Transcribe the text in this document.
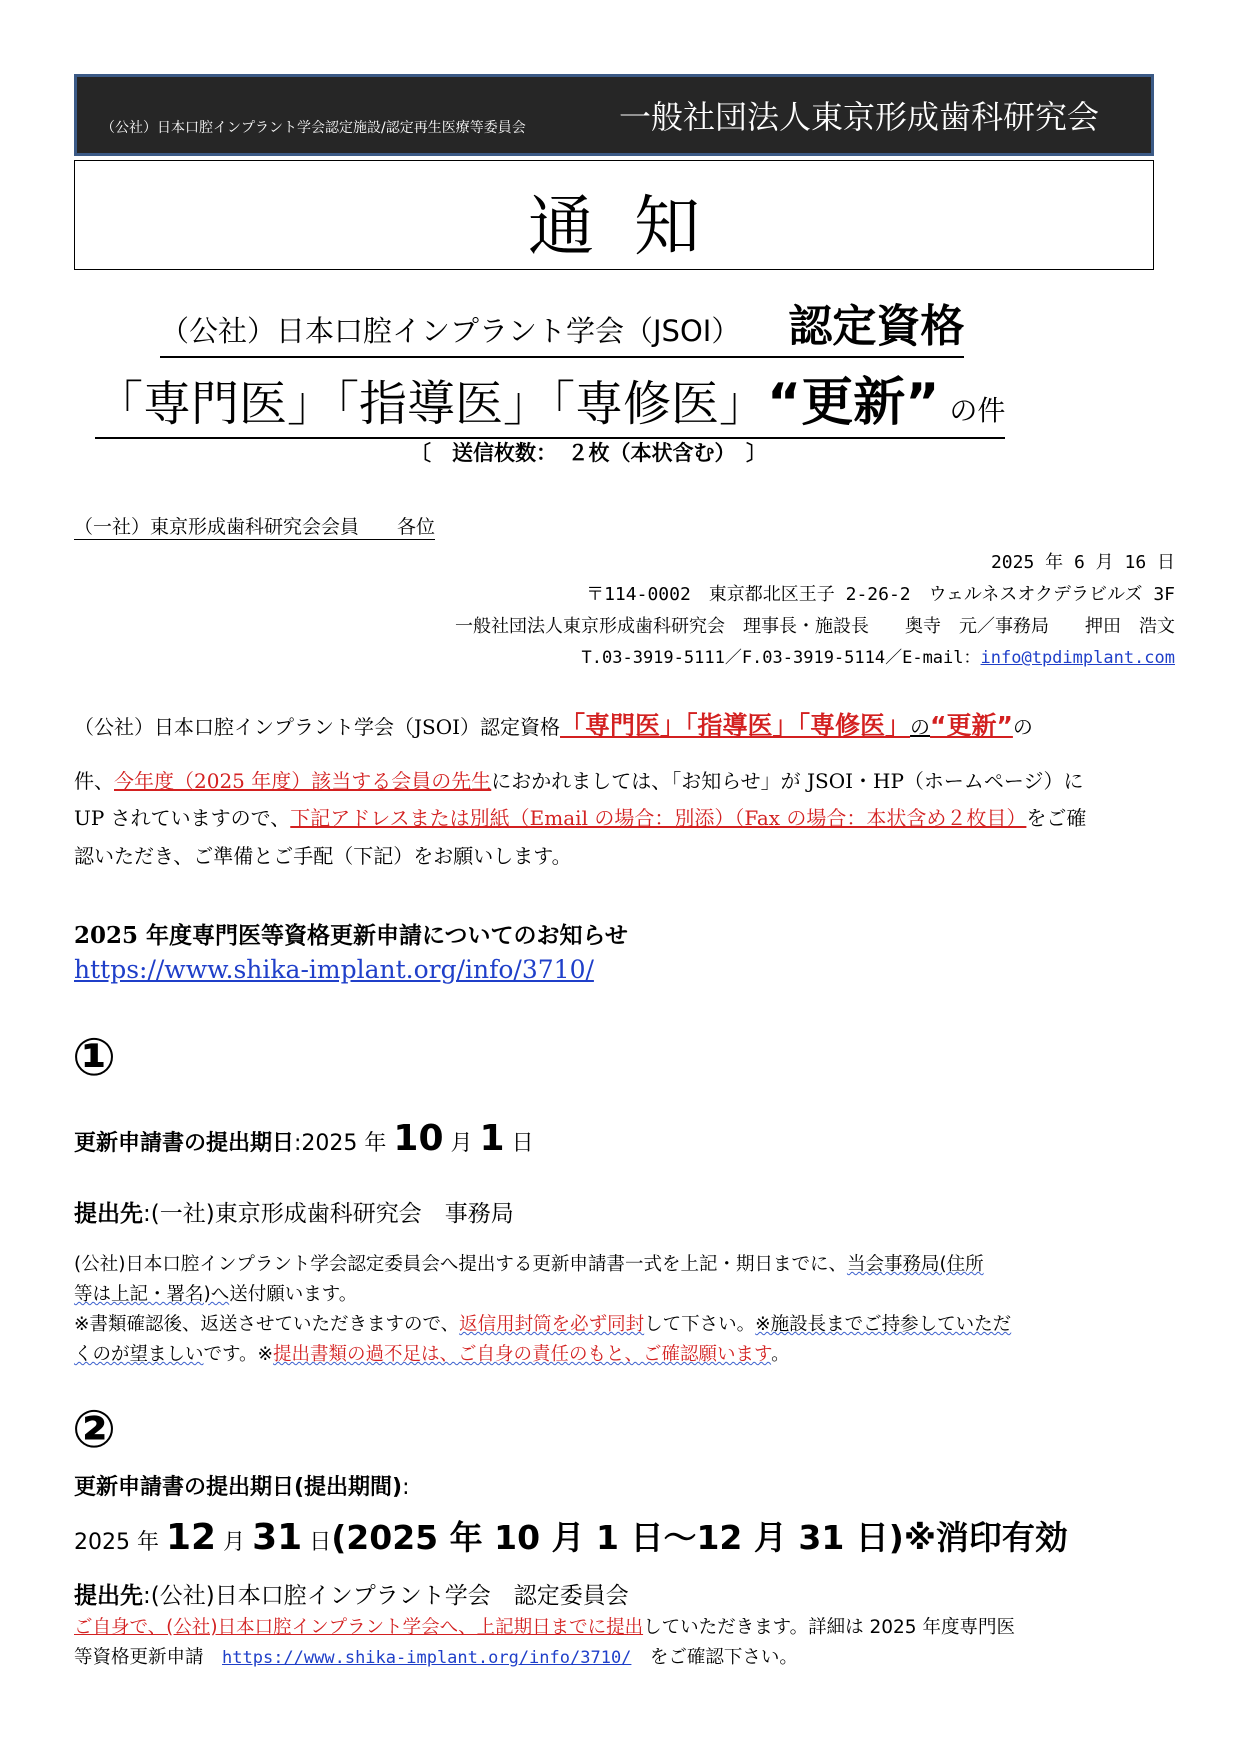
（公社）日本口腔インプラント学会認定施設/認定再生医療等委員会	一般社団法人東京形成歯科研究会
通知
（公社）日本口腔インプラント学会（JSOI） 認定資格
「専門医」「指導医」「専修医」“更新” の件
〔　送信枚数：　２枚（本状含む）　〕
（一社）東京形成歯科研究会会員　　各位
2025 年 6 月 16 日
〒114-0002　東京都北区王子 2-26-2　ウェルネスオクデラビルズ 3F
一般社団法人東京形成歯科研究会　理事長・施設長　　奥寺　元／事務局　　押田　浩文
T.03-3919-5111／F.03-3919-5114／E-mail：info@tpdimplant.com
（公社）日本口腔インプラント学会（JSOI）認定資格「専門医」「指導医」「専修医」の“更新”の
件、今年度（2025 年度）該当する会員の先生におかれましては、「お知らせ」が JSOI・HP（ホームページ）に
UP されていますので、下記アドレスまたは別紙（Email の場合：別添）（Fax の場合：本状含め２枚目）をご確
認いただき、ご準備とご手配（下記）をお願いします。
2025 年度専門医等資格更新申請についてのお知らせ
https://www.shika-implant.org/info/3710/
①
更新申請書の提出期日:2025 年 10 月 1 日
提出先:(一社)東京形成歯科研究会　事務局
(公社)日本口腔インプラント学会認定委員会へ提出する更新申請書一式を上記・期日までに、当会事務局(住所
等は上記・署名)へ送付願います。
※書類確認後、返送させていただきますので、返信用封筒を必ず同封して下さい。※施設長までご持参していただ
くのが望ましいです。※提出書類の過不足は、ご自身の責任のもと、ご確認願います。
②
更新申請書の提出期日(提出期間):
2025 年 12 月 31 日(2025 年 10 月 1 日～12 月 31 日)※消印有効
提出先:(公社)日本口腔インプラント学会　認定委員会
ご自身で、(公社)日本口腔インプラント学会へ、上記期日までに提出していただきます。詳細は 2025 年度専門医
等資格更新申請　https://www.shika-implant.org/info/3710/　をご確認下さい。
